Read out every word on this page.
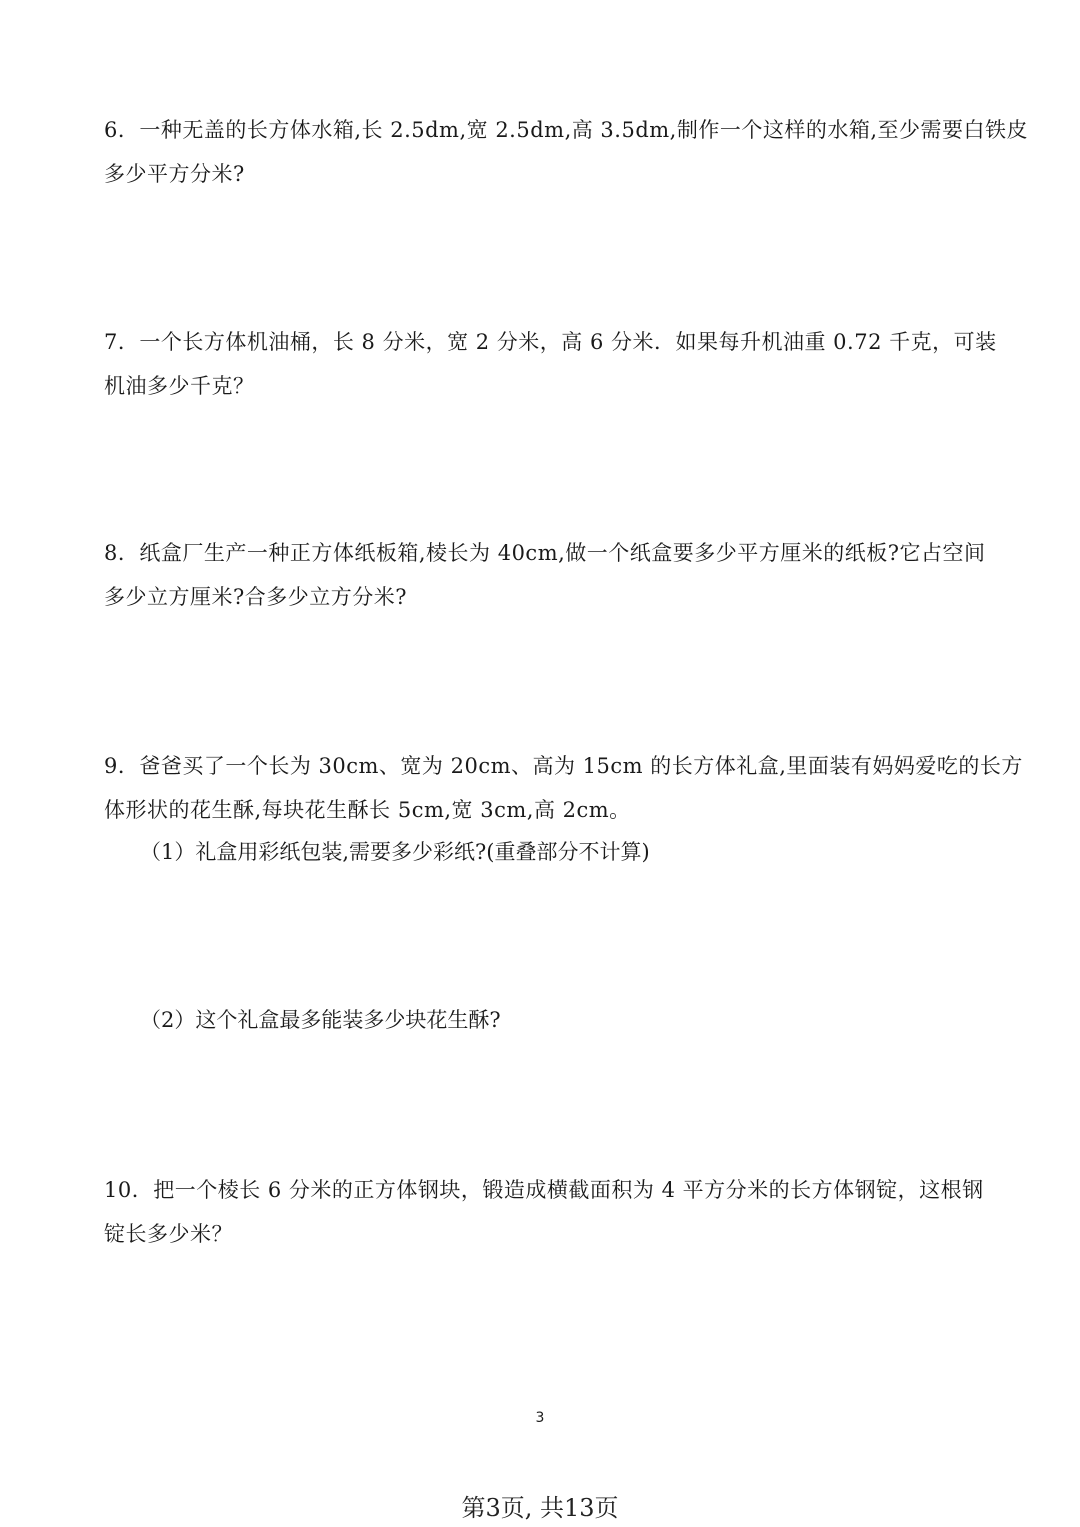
6．一种无盖的长方体水箱,长 2.5dm,宽 2.5dm,高 3.5dm,制作一个这样的水箱,至少需要白铁皮
多少平方分米?
7．一个长方体机油桶，长 8 分米，宽 2 分米，高 6 分米．如果每升机油重 0.72 千克，可装
机油多少千克？
8．纸盒厂生产一种正方体纸板箱,棱长为 40cm,做一个纸盒要多少平方厘米的纸板?它占空间
多少立方厘米?合多少立方分米?
9．爸爸买了一个长为 30cm、宽为 20cm、高为 15cm 的长方体礼盒,里面装有妈妈爱吃的长方
体形状的花生酥,每块花生酥长 5cm,宽 3cm,高 2cm。
（1）礼盒用彩纸包装,需要多少彩纸?(重叠部分不计算)
（2）这个礼盒最多能装多少块花生酥?
10．把一个棱长 6 分米的正方体钢块，锻造成横截面积为 4 平方分米的长方体钢锭，这根钢
锭长多少米？
3
第3页, 共13页
